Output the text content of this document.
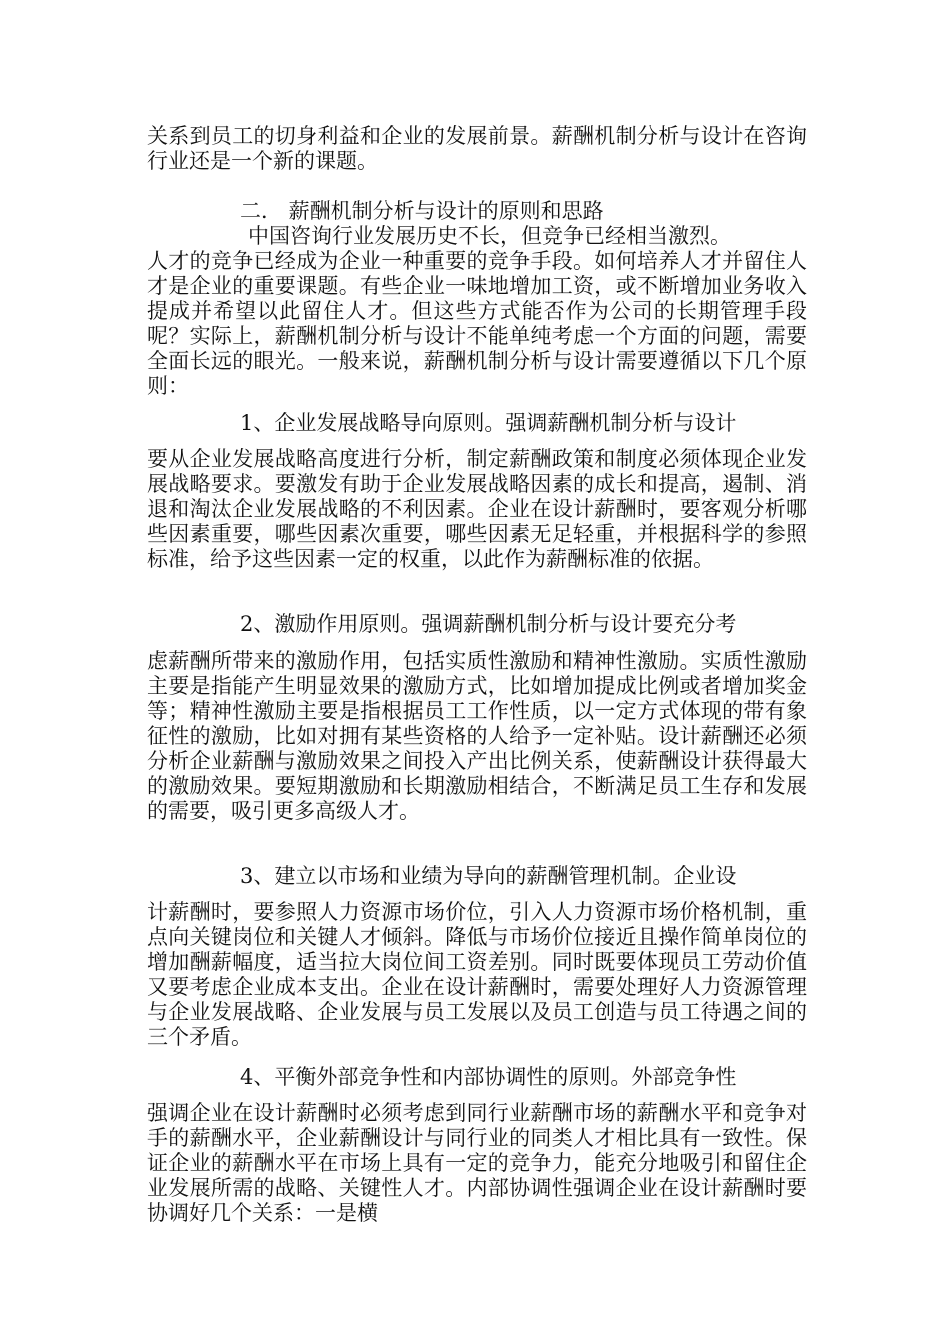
关系到员工的切身利益和企业的发展前景。薪酬机制分析与设计在咨询行业还是一个新的课题。
二． 薪酬机制分析与设计的原则和思路
中国咨询行业发展历史不长，但竞争已经相当激烈。
人才的竞争已经成为企业一种重要的竞争手段。如何培养人才并留住人才是企业的重要课题。有些企业一味地增加工资，或不断增加业务收入提成并希望以此留住人才。但这些方式能否作为公司的长期管理手段呢？实际上，薪酬机制分析与设计不能单纯考虑一个方面的问题，需要全面长远的眼光。一般来说，薪酬机制分析与设计需要遵循以下几个原则：
1、企业发展战略导向原则。强调薪酬机制分析与设计
要从企业发展战略高度进行分析，制定薪酬政策和制度必须体现企业发展战略要求。要激发有助于企业发展战略因素的成长和提高，遏制、消退和淘汰企业发展战略的不利因素。企业在设计薪酬时，要客观分析哪些因素重要，哪些因素次重要，哪些因素无足轻重，并根据科学的参照标准，给予这些因素一定的权重，以此作为薪酬标准的依据。
2、激励作用原则。强调薪酬机制分析与设计要充分考
虑薪酬所带来的激励作用，包括实质性激励和精神性激励。实质性激励主要是指能产生明显效果的激励方式，比如增加提成比例或者增加奖金等；精神性激励主要是指根据员工工作性质，以一定方式体现的带有象征性的激励，比如对拥有某些资格的人给予一定补贴。设计薪酬还必须分析企业薪酬与激励效果之间投入产出比例关系，使薪酬设计获得最大的激励效果。要短期激励和长期激励相结合，不断满足员工生存和发展的需要，吸引更多高级人才。
3、建立以市场和业绩为导向的薪酬管理机制。企业设
计薪酬时，要参照人力资源市场价位，引入人力资源市场价格机制，重点向关键岗位和关键人才倾斜。降低与市场价位接近且操作简单岗位的增加酬薪幅度，适当拉大岗位间工资差别。同时既要体现员工劳动价值又要考虑企业成本支出。企业在设计薪酬时，需要处理好人力资源管理与企业发展战略、企业发展与员工发展以及员工创造与员工待遇之间的三个矛盾。
4、平衡外部竞争性和内部协调性的原则。外部竞争性
强调企业在设计薪酬时必须考虑到同行业薪酬市场的薪酬水平和竞争对手的薪酬水平，企业薪酬设计与同行业的同类人才相比具有一致性。保证企业的薪酬水平在市场上具有一定的竞争力，能充分地吸引和留住企业发展所需的战略、关键性人才。内部协调性强调企业在设计薪酬时要协调好几个关系：一是横
